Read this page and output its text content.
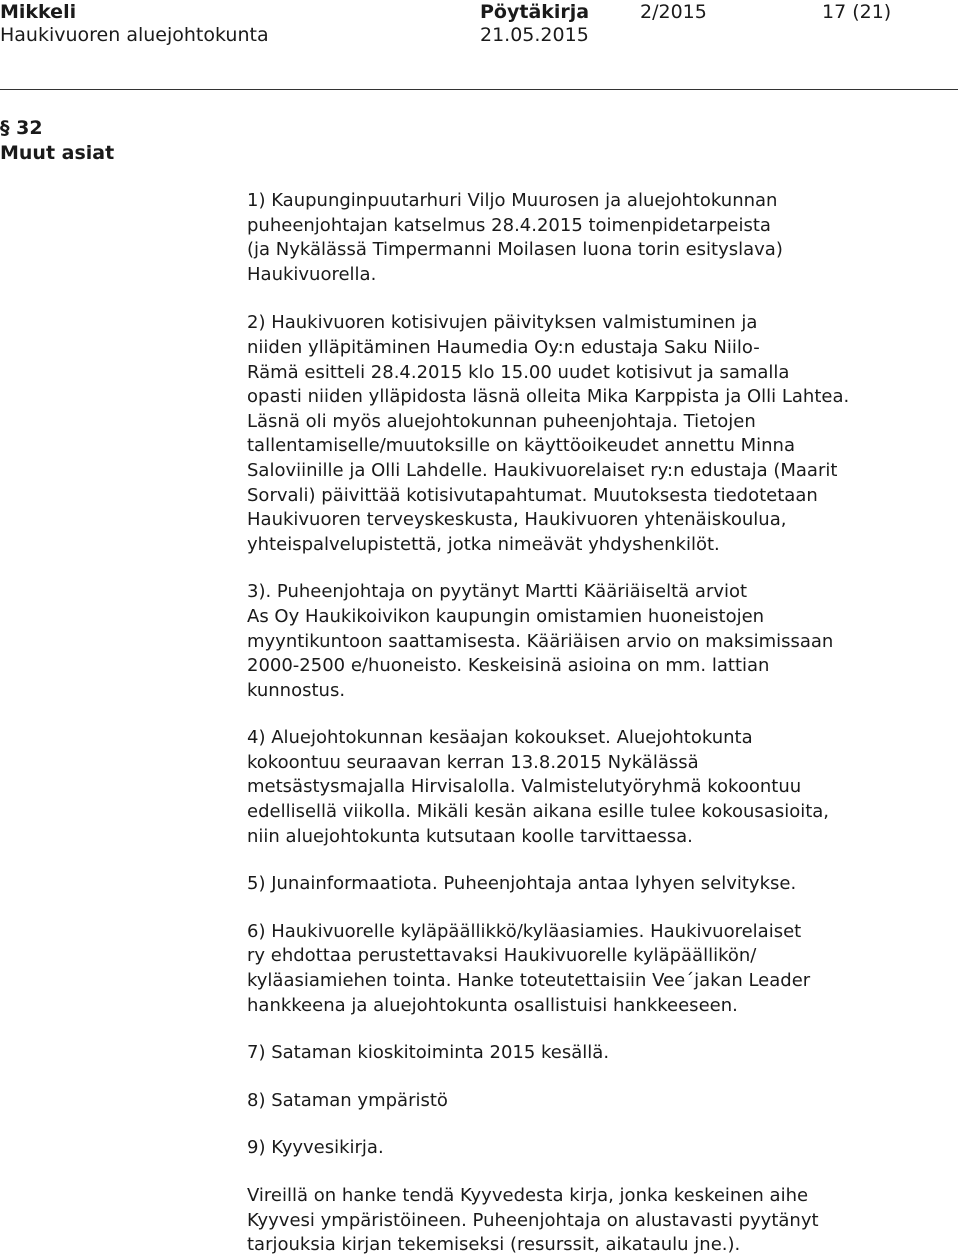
Mikkeli
Haukivuoren aluejohtokunta
Pöytäkirja
21.05.2015
2/2015	17 (21)
§ 32
Muut asiat

1) Kaupunginpuutarhuri Viljo Muurosen ja aluejohtokunnan
puheenjohtajan katselmus 28.4.2015 toimenpidetarpeista
(ja Nykälässä Timpermanni Moilasen luona torin esityslava)
Haukivuorella.

2) Haukivuoren kotisivujen päivityksen valmistuminen ja
niiden ylläpitäminen Haumedia Oy:n edustaja Saku Niilo-
Rämä esitteli 28.4.2015 klo 15.00 uudet kotisivut ja samalla
opasti niiden ylläpidosta läsnä olleita Mika Karppista ja Olli Lahtea.
Läsnä oli myös aluejohtokunnan puheenjohtaja. Tietojen
tallentamiselle/muutoksille on käyttöoikeudet annettu Minna
Saloviinille ja Olli Lahdelle. Haukivuorelaiset ry:n edustaja (Maarit
Sorvali) päivittää kotisivutapahtumat. Muutoksesta tiedotetaan
Haukivuoren terveyskeskusta, Haukivuoren yhtenäiskoulua,
yhteispalvelupistettä, jotka nimeävät yhdyshenkilöt.

3). Puheenjohtaja on pyytänyt Martti Kääriäiseltä arviot
As Oy Haukikoivikon kaupungin omistamien huoneistojen
myyntikuntoon saattamisesta. Kääriäisen arvio on maksimissaan
2000-2500 e/huoneisto. Keskeisinä asioina on mm. lattian
kunnostus.

4) Aluejohtokunnan kesäajan kokoukset. Aluejohtokunta
kokoontuu seuraavan kerran 13.8.2015 Nykälässä
metsästysmajalla Hirvisalolla. Valmistelutyöryhmä kokoontuu
edellisellä viikolla. Mikäli kesän aikana esille tulee kokousasioita,
niin aluejohtokunta kutsutaan koolle tarvittaessa.

5) Junainformaatiota. Puheenjohtaja antaa lyhyen selvitykse.

6) Haukivuorelle kyläpäällikkö/kyläasiamies. Haukivuorelaiset
ry ehdottaa perustettavaksi Haukivuorelle kyläpäällikön/
kyläasiamiehen tointa. Hanke toteutettaisiin Vee´jakan Leader
hankkeena ja aluejohtokunta osallistuisi hankkeeseen.

7) Sataman kioskitoiminta 2015 kesällä.

8) Sataman ympäristö

9) Kyyvesikirja.

Vireillä on hanke tendä Kyyvedesta kirja, jonka keskeinen aihe
Kyyvesi ympäristöineen. Puheenjohtaja on alustavasti pyytänyt
tarjouksia kirjan tekemiseksi (resurssit, aikataulu jne.).
